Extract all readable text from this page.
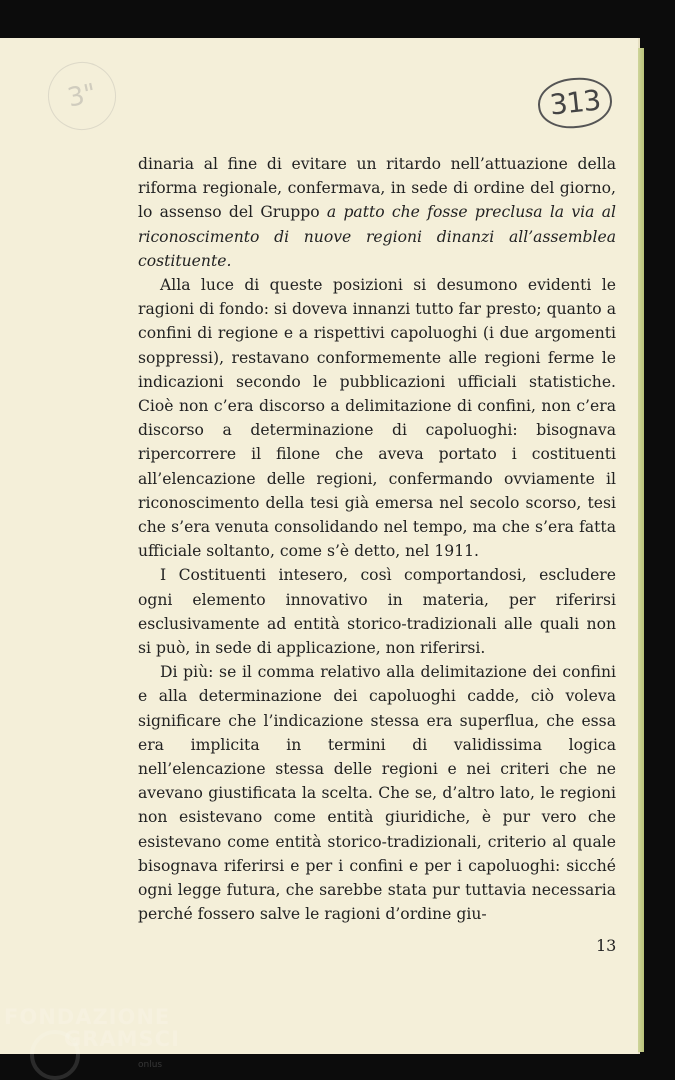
3"	313

dinaria al fine di evitare un ritardo nell’attuazione della riforma regionale, confermava, in sede di ordine del giorno, lo assenso del Gruppo a patto che fosse preclusa la via al riconoscimento di nuove regioni dinanzi all’assemblea costituente.

Alla luce di queste posizioni si desumono evidenti le ragioni di fondo: si doveva innanzi tutto far presto; quanto a confini di regione e a rispettivi capoluoghi (i due argomenti soppressi), restavano conformemente alle regioni ferme le indicazioni secondo le pubblicazioni ufficiali statistiche. Cioè non c’era discorso a delimitazione di confini, non c’era discorso a determinazione di capoluoghi: bisognava ripercorrere il filone che aveva portato i costituenti all’elencazione delle regioni, confermando ovviamente il riconoscimento della tesi già emersa nel secolo scorso, tesi che s’era venuta consolidando nel tempo, ma che s’era fatta ufficiale soltanto, come s’è detto, nel 1911.

I Costituenti intesero, così comportandosi, escludere ogni elemento innovativo in materia, per riferirsi esclusivamente ad entità storico-tradizionali alle quali non si può, in sede di applicazione, non riferirsi.

Di più: se il comma relativo alla delimitazione dei confini e alla determinazione dei capoluoghi cadde, ciò voleva significare che l’indicazione stessa era superflua, che essa era implicita in termini di validissima logica nell’elencazione stessa delle regioni e nei criteri che ne avevano giustificata la scelta. Che se, d’altro lato, le regioni non esistevano come entità giuridiche, è pur vero che esistevano come entità storico-tradizionali, criterio al quale bisognava riferirsi e per i confini e per i capoluoghi: sicché ogni legge futura, che sarebbe stata pur tuttavia necessaria perché fossero salve le ragioni d’ordine giu-

13
FONDAZIONE
GRAMSCI
onlus
